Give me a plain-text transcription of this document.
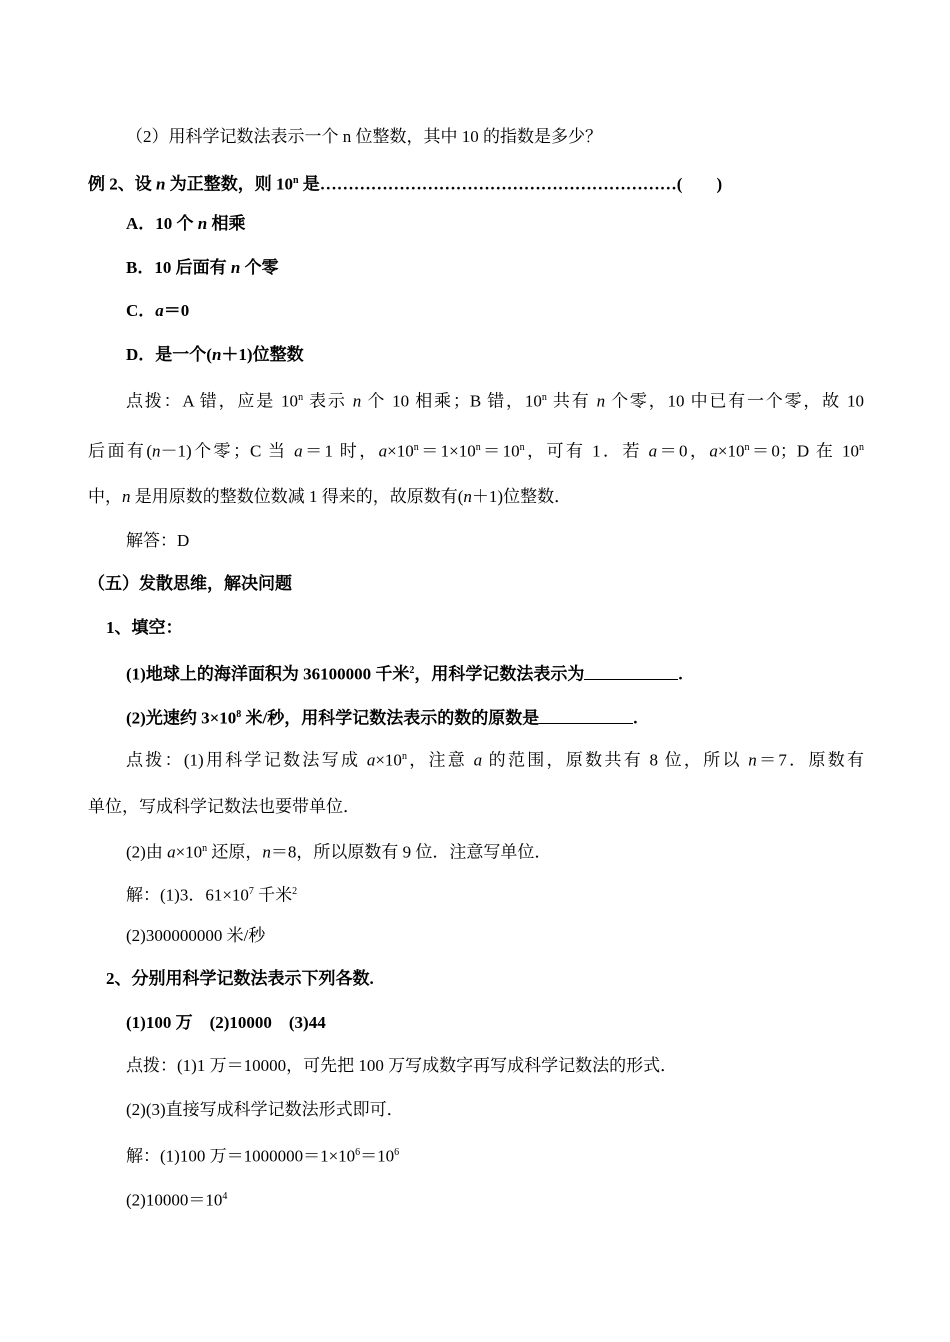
（2）用科学记数法表示一个 n 位整数，其中 10 的指数是多少？
例 2、设 n 为正整数，则 10$^n$ 是………………………………………………………(　　)
A．10 个 n 相乘
B．10 后面有 n 个零
C．a＝0
D．是一个(n＋1)位整数
点拨：A 错，应是 10$^n$ 表示 n 个 10 相乘；B 错，10$^n$ 共有 n 个零，10 中已有一个零，故 10
后面有(n－1)个零；C 当 a＝1 时，$a\times 10^n=1\times 10^n=10^n$，可有 1．若 a＝0，$a\times 10^n=0$；D 在 10$^n$
中，n 是用原数的整数位数减 1 得来的，故原数有(n＋1)位整数．
解答：D
（五）发散思维，解决问题
1、填空：
(1)地球上的海洋面积为 36100000 千米$^2$，用科学记数法表示为	.
(2)光速约 $3\times 10^8$ 米/秒，用科学记数法表示的数的原数是	.
点拨：(1)用科学记数法写成 $a\times 10^n$，注意 a 的范围，原数共有 8 位，所以 n＝7．原数有
单位，写成科学记数法也要带单位．
(2)由 $a\times 10^n$ 还原，n＝8，所以原数有 9 位．注意写单位．
解：(1)3．$61\times 10^7$ 千米$^2$
(2)300000000 米/秒
2、分别用科学记数法表示下列各数.
(1)100 万　(2)10000　(3)44
点拨：(1)1 万＝10000，可先把 100 万写成数字再写成科学记数法的形式．
(2)(3)直接写成科学记数法形式即可．
解：(1)100 万$=1000000=1\times 10^6=10^6$
$(2)10000=10^4$
